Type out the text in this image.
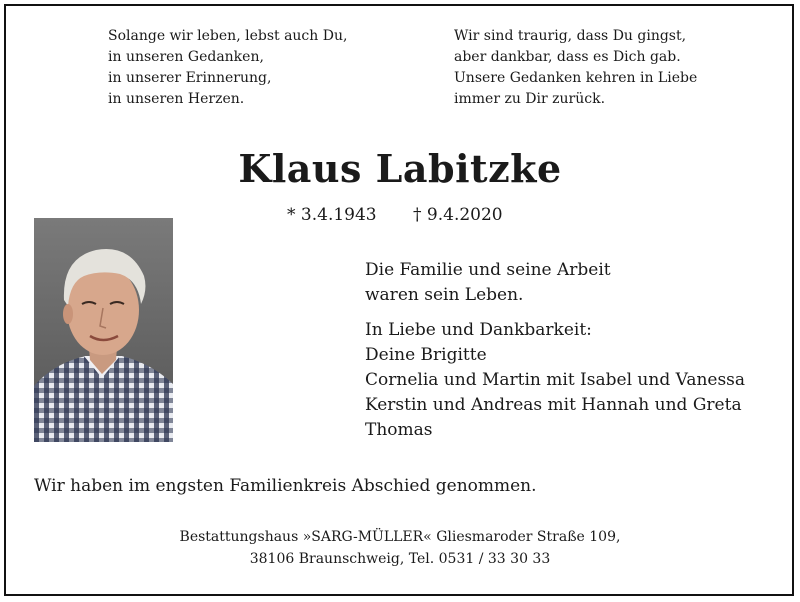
Solange wir leben, lebst auch Du,
in unseren Gedanken,
in unserer Erinnerung,
in unseren Herzen.
Wir sind traurig, dass Du gingst,
aber dankbar, dass es Dich gab.
Unsere Gedanken kehren in Liebe
immer zu Dir zurück.
Klaus Labitzke
* 3.4.1943 † 9.4.2020
Die Familie und seine Arbeit
waren sein Leben.
In Liebe und Dankbarkeit:
Deine Brigitte
Cornelia und Martin mit Isabel und Vanessa
Kerstin und Andreas mit Hannah und Greta
Thomas
Wir haben im engsten Familienkreis Abschied genommen.
Bestattungshaus »SARG-MÜLLER« Gliesmaroder Straße 109,
38106 Braunschweig, Tel. 0531 / 33 30 33
